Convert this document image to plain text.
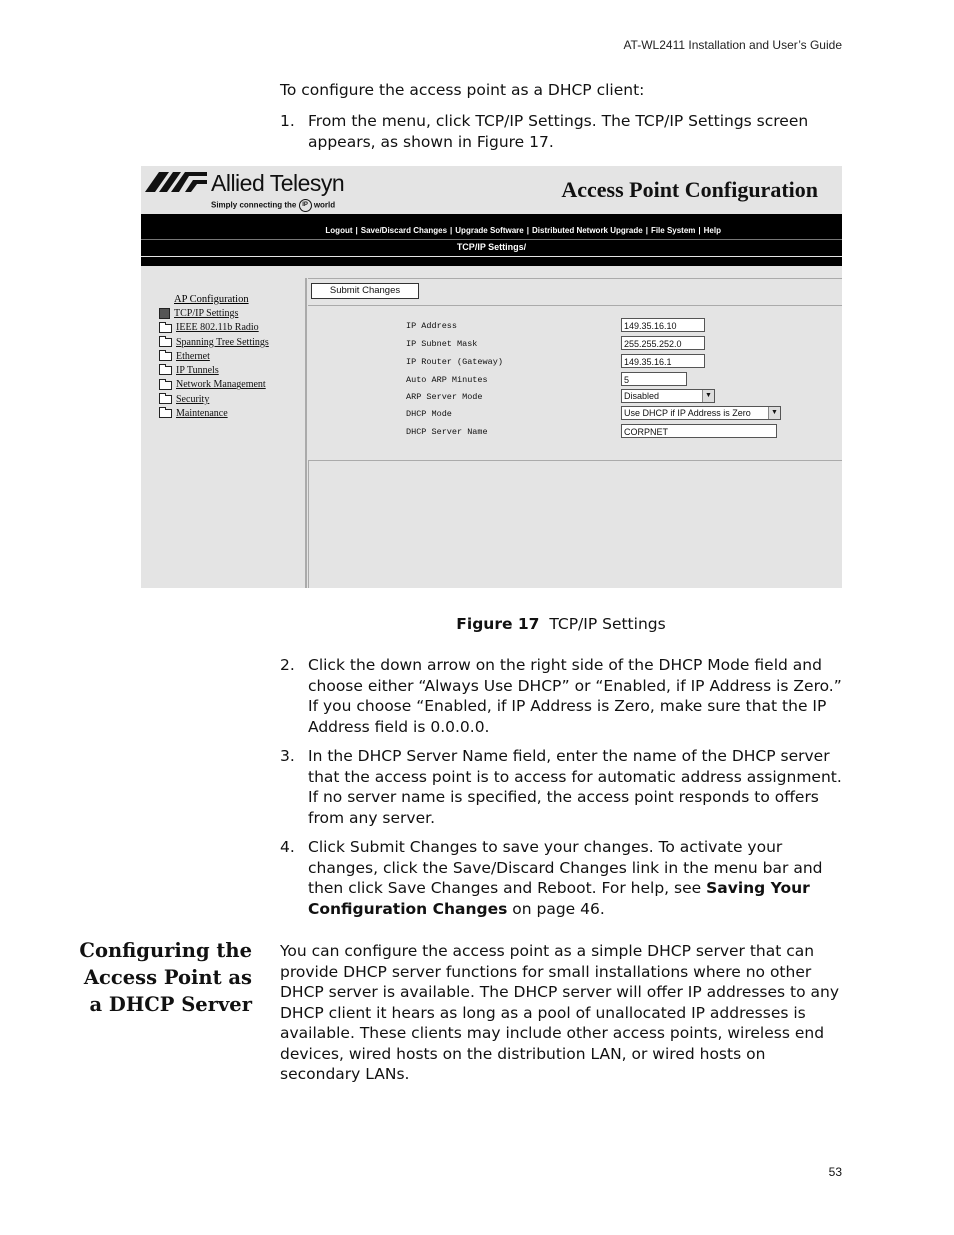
AT-WL2411 Installation and User’s Guide
To configure the access point as a DHCP client:
1. From the menu, click TCP/IP Settings. The TCP/IP Settings screen appears, as shown in Figure 17.
Allied Telesyn
Simply connecting the IP world
Access Point Configuration
Logout | Save/Discard Changes | Upgrade Software | Distributed Network Upgrade | File System | Help
TCP/IP Settings/
AP Configuration
TCP/IP Settings
IEEE 802.11b Radio
Spanning Tree Settings
Ethernet
IP Tunnels
Network Management
Security
Maintenance
Submit Changes
IP Address	149.35.16.10
IP Subnet Mask	255.255.252.0
IP Router (Gateway)	149.35.16.1
Auto ARP Minutes	5
ARP Server Mode	Disabled	▼
DHCP Mode	Use DHCP if IP Address is Zero	▼
DHCP Server Name	CORPNET
Figure 17 TCP/IP Settings
2. Click the down arrow on the right side of the DHCP Mode field and choose either “Always Use DHCP” or “Enabled, if IP Address is Zero.” If you choose “Enabled, if IP Address is Zero, make sure that the IP Address field is 0.0.0.0.
3. In the DHCP Server Name field, enter the name of the DHCP server that the access point is to access for automatic address assignment. If no server name is specified, the access point responds to offers from any server.
4. Click Submit Changes to save your changes. To activate your changes, click the Save/Discard Changes link in the menu bar and then click Save Changes and Reboot. For help, see Saving Your Configuration Changes on page 46.
Configuring the
Access Point as
a DHCP Server
You can configure the access point as a simple DHCP server that can provide DHCP server functions for small installations where no other DHCP server is available. The DHCP server will offer IP addresses to any DHCP client it hears as long as a pool of unallocated IP addresses is available. These clients may include other access points, wireless end devices, wired hosts on the distribution LAN, or wired hosts on secondary LANs.
53
